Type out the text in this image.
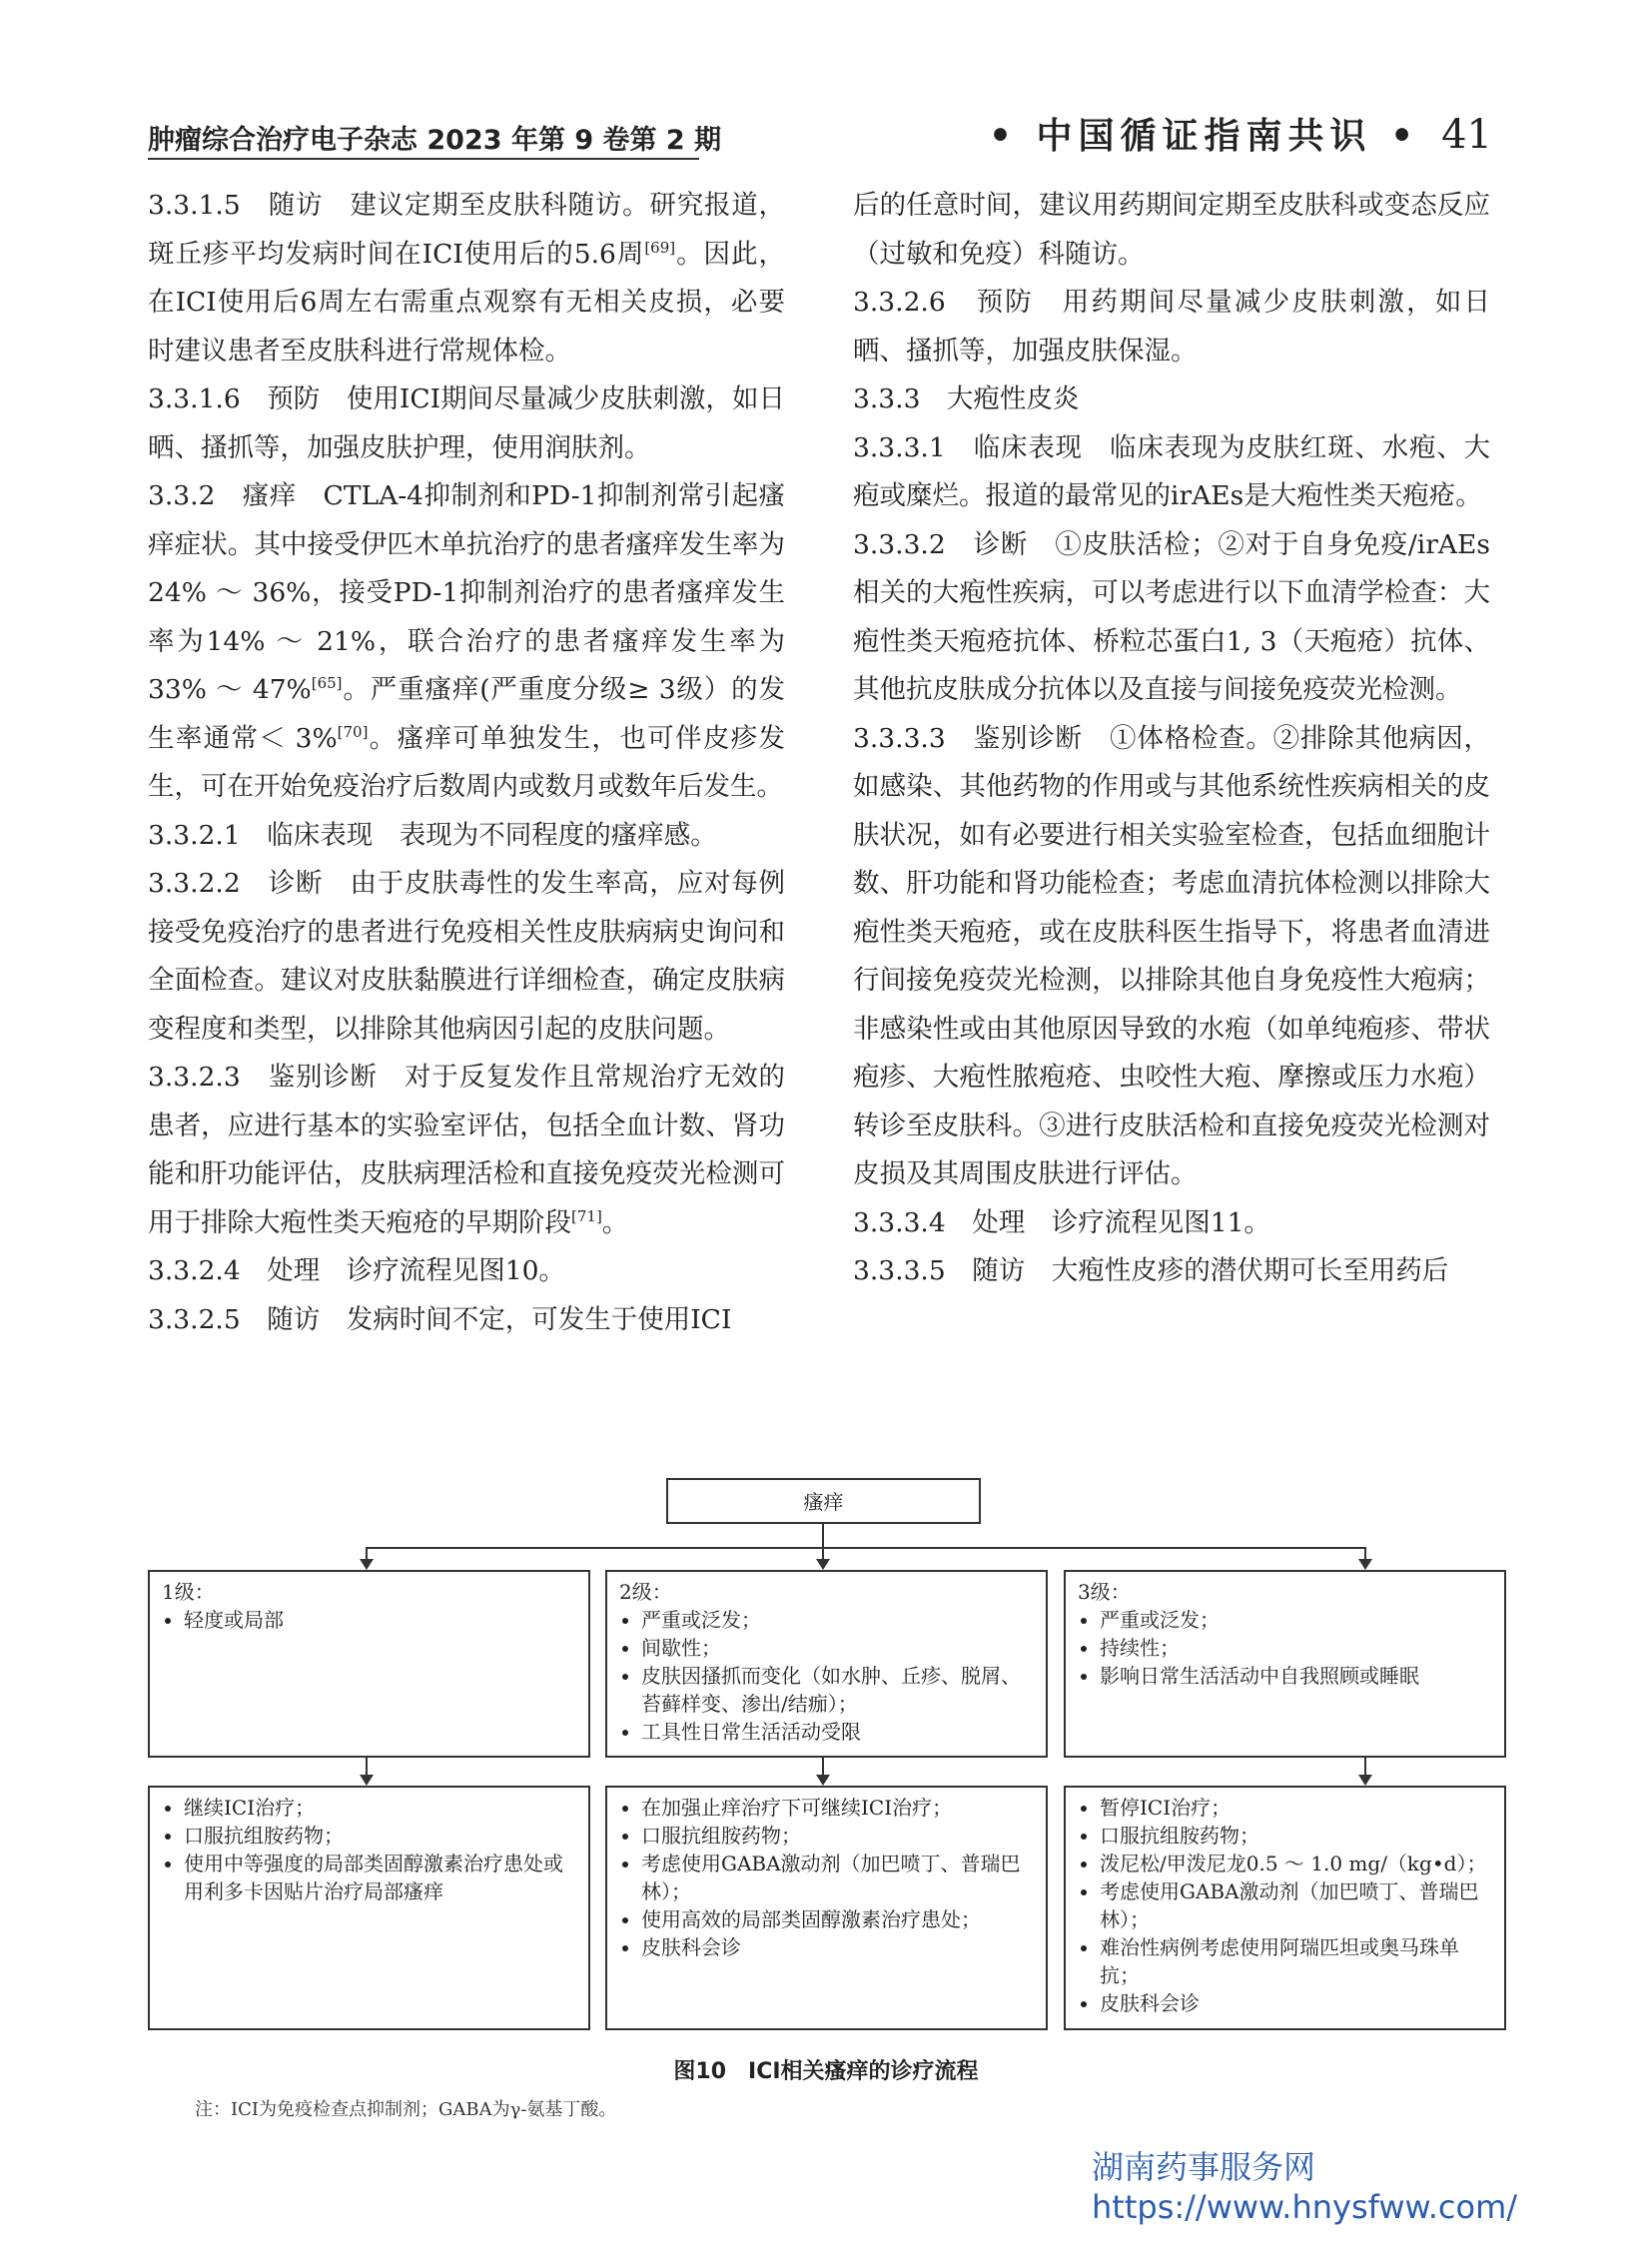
肿瘤综合治疗电子杂志 2023 年第 9 卷第 2 期	• 中国循证指南共识 • 41

3.3.1.5　随访　建议定期至皮肤科随访。研究报道，斑丘疹平均发病时间在ICI使用后的5.6周[69]。因此，在ICI使用后6周左右需重点观察有无相关皮损，必要时建议患者至皮肤科进行常规体检。

3.3.1.6　预防　使用ICI期间尽量减少皮肤刺激，如日晒、搔抓等，加强皮肤护理，使用润肤剂。

3.3.2　瘙痒　CTLA-4抑制剂和PD-1抑制剂常引起瘙痒症状。其中接受伊匹木单抗治疗的患者瘙痒发生率为24% ～ 36%，接受PD-1抑制剂治疗的患者瘙痒发生率为14% ～ 21%，联合治疗的患者瘙痒发生率为33% ～ 47%[65]。严重瘙痒(严重度分级≥ 3级）的发生率通常＜ 3%[70]。瘙痒可单独发生，也可伴皮疹发生，可在开始免疫治疗后数周内或数月或数年后发生。

3.3.2.1　临床表现　表现为不同程度的瘙痒感。

3.3.2.2　诊断　由于皮肤毒性的发生率高，应对每例接受免疫治疗的患者进行免疫相关性皮肤病病史询问和全面检查。建议对皮肤黏膜进行详细检查，确定皮肤病变程度和类型，以排除其他病因引起的皮肤问题。

3.3.2.3　鉴别诊断　对于反复发作且常规治疗无效的患者，应进行基本的实验室评估，包括全血计数、肾功能和肝功能评估，皮肤病理活检和直接免疫荧光检测可用于排除大疱性类天疱疮的早期阶段[71]。

3.3.2.4　处理　诊疗流程见图10。

3.3.2.5　随访　发病时间不定，可发生于使用ICI

后的任意时间，建议用药期间定期至皮肤科或变态反应（过敏和免疫）科随访。

3.3.2.6　预防　用药期间尽量减少皮肤刺激，如日晒、搔抓等，加强皮肤保湿。

3.3.3　大疱性皮炎

3.3.3.1　临床表现　临床表现为皮肤红斑、水疱、大疱或糜烂。报道的最常见的irAEs是大疱性类天疱疮。

3.3.3.2　诊断　①皮肤活检；②对于自身免疫/irAEs相关的大疱性疾病，可以考虑进行以下血清学检查：大疱性类天疱疮抗体、桥粒芯蛋白1, 3（天疱疮）抗体、其他抗皮肤成分抗体以及直接与间接免疫荧光检测。

3.3.3.3　鉴别诊断　①体格检查。②排除其他病因，如感染、其他药物的作用或与其他系统性疾病相关的皮肤状况，如有必要进行相关实验室检查，包括血细胞计数、肝功能和肾功能检查；考虑血清抗体检测以排除大疱性类天疱疮，或在皮肤科医生指导下，将患者血清进行间接免疫荧光检测，以排除其他自身免疫性大疱病；非感染性或由其他原因导致的水疱（如单纯疱疹、带状疱疹、大疱性脓疱疮、虫咬性大疱、摩擦或压力水疱）转诊至皮肤科。③进行皮肤活检和直接免疫荧光检测对皮损及其周围皮肤进行评估。

3.3.3.4　处理　诊疗流程见图11。

3.3.3.5　随访　大疱性皮疹的潜伏期可长至用药后

瘙痒
1级：
• 轻度或局部
2级：
• 严重或泛发；
• 间歇性；
• 皮肤因搔抓而变化（如水肿、丘疹、脱屑、苔藓样变、渗出/结痂）；
• 工具性日常生活活动受限
3级：
• 严重或泛发；
• 持续性；
• 影响日常生活活动中自我照顾或睡眠
• 继续ICI治疗；
• 口服抗组胺药物；
• 使用中等强度的局部类固醇激素治疗患处或用利多卡因贴片治疗局部瘙痒
• 在加强止痒治疗下可继续ICI治疗；
• 口服抗组胺药物；
• 考虑使用GABA激动剂（加巴喷丁、普瑞巴林）；
• 使用高效的局部类固醇激素治疗患处；
• 皮肤科会诊
• 暂停ICI治疗；
• 口服抗组胺药物；
• 泼尼松/甲泼尼龙0.5 ～ 1.0 mg/（kg•d）；
• 考虑使用GABA激动剂（加巴喷丁、普瑞巴林）；
• 难治性病例考虑使用阿瑞匹坦或奥马珠单抗；
• 皮肤科会诊
图10　ICI相关瘙痒的诊疗流程
注：ICI为免疫检查点抑制剂；GABA为γ-氨基丁酸。
湖南药事服务网
https://www.hnysfww.com/
